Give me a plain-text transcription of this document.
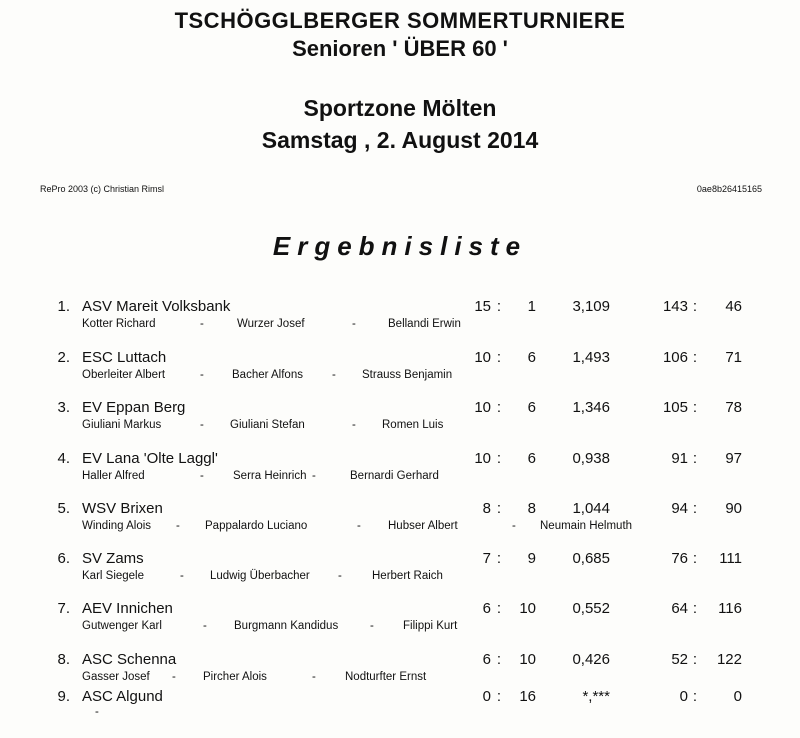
TSCHÖGGLBERGER SOMMERTURNIERE
Senioren ' ÜBER 60 '
Sportzone Mölten
Samstag , 2. August 2014
RePro 2003 (c) Christian Rimsl	0ae8b26415165
Ergebnisliste
1. ASV Mareit Volksbank	15 :	1	3,109	143 :	46
Kotter Richard	Wurzer Josef	Bellandi Erwin
-	-
2. ESC Luttach	10 :	6	1,493	106 :	71
Oberleiter Albert	Bacher Alfons	Strauss Benjamin
-	-
3. EV Eppan Berg	10 :	6	1,346	105 :	78
Giuliani Markus	Giuliani Stefan	Romen Luis
-	-
4. EV Lana 'Olte Laggl'	10 :	6	0,938	91 :	97
Haller Alfred	Serra Heinrich	Bernardi Gerhard
-	-
5. WSV Brixen	8 :	8	1,044	94 :	90
Winding Alois	Pappalardo Luciano	Hubser Albert	Neumain Helmuth
-	-	-
6. SV Zams	7 :	9	0,685	76 :	111
Karl Siegele	Ludwig Überbacher	Herbert Raich
-	-
7. AEV Innichen	6 :	10	0,552	64 :	116
Gutwenger Karl	Burgmann Kandidus	Filippi Kurt
-	-
8. ASC Schenna	6 :	10	0,426	52 :	122
Gasser Josef	Pircher Alois	Nodturfter Ernst
-	-
9. ASC Algund	0 :	16	*,***	0 :	0
-
